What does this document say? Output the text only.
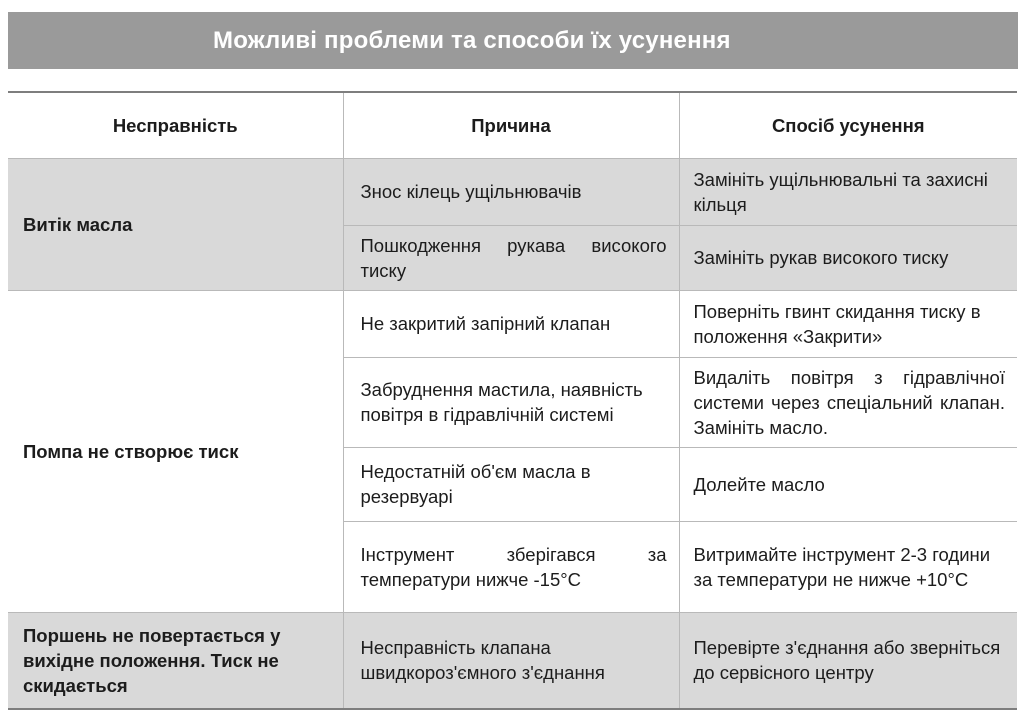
Можливі проблеми та способи їх усунення
Несправність	Причина	Спосіб усунення
Витік масла	Знос кілець ущільнювачів	Замініть ущільнювальні та захисні кільця
	Пошкодження рукава високого тиску	Замініть рукав високого тиску
Помпа не створює тиск	Не закритий запірний клапан	Поверніть гвинт скидання тиску в положення «Закрити»
	Забруднення мастила, наявність повітря в гідравлічній системі	Видаліть повітря з гідравлічної системи через спеціальний клапан. Замініть масло.
	Недостатній об'єм масла в резервуарі	Долейте масло
	Інструмент зберігався за температури нижче -15°C	Витримайте інструмент 2-3 години за температури не нижче +10°C
Поршень не повертається у вихідне положення. Тиск не скидається	Несправність клапана швидкороз'ємного з'єднання	Перевірте з'єднання або зверніться до сервісного центру
